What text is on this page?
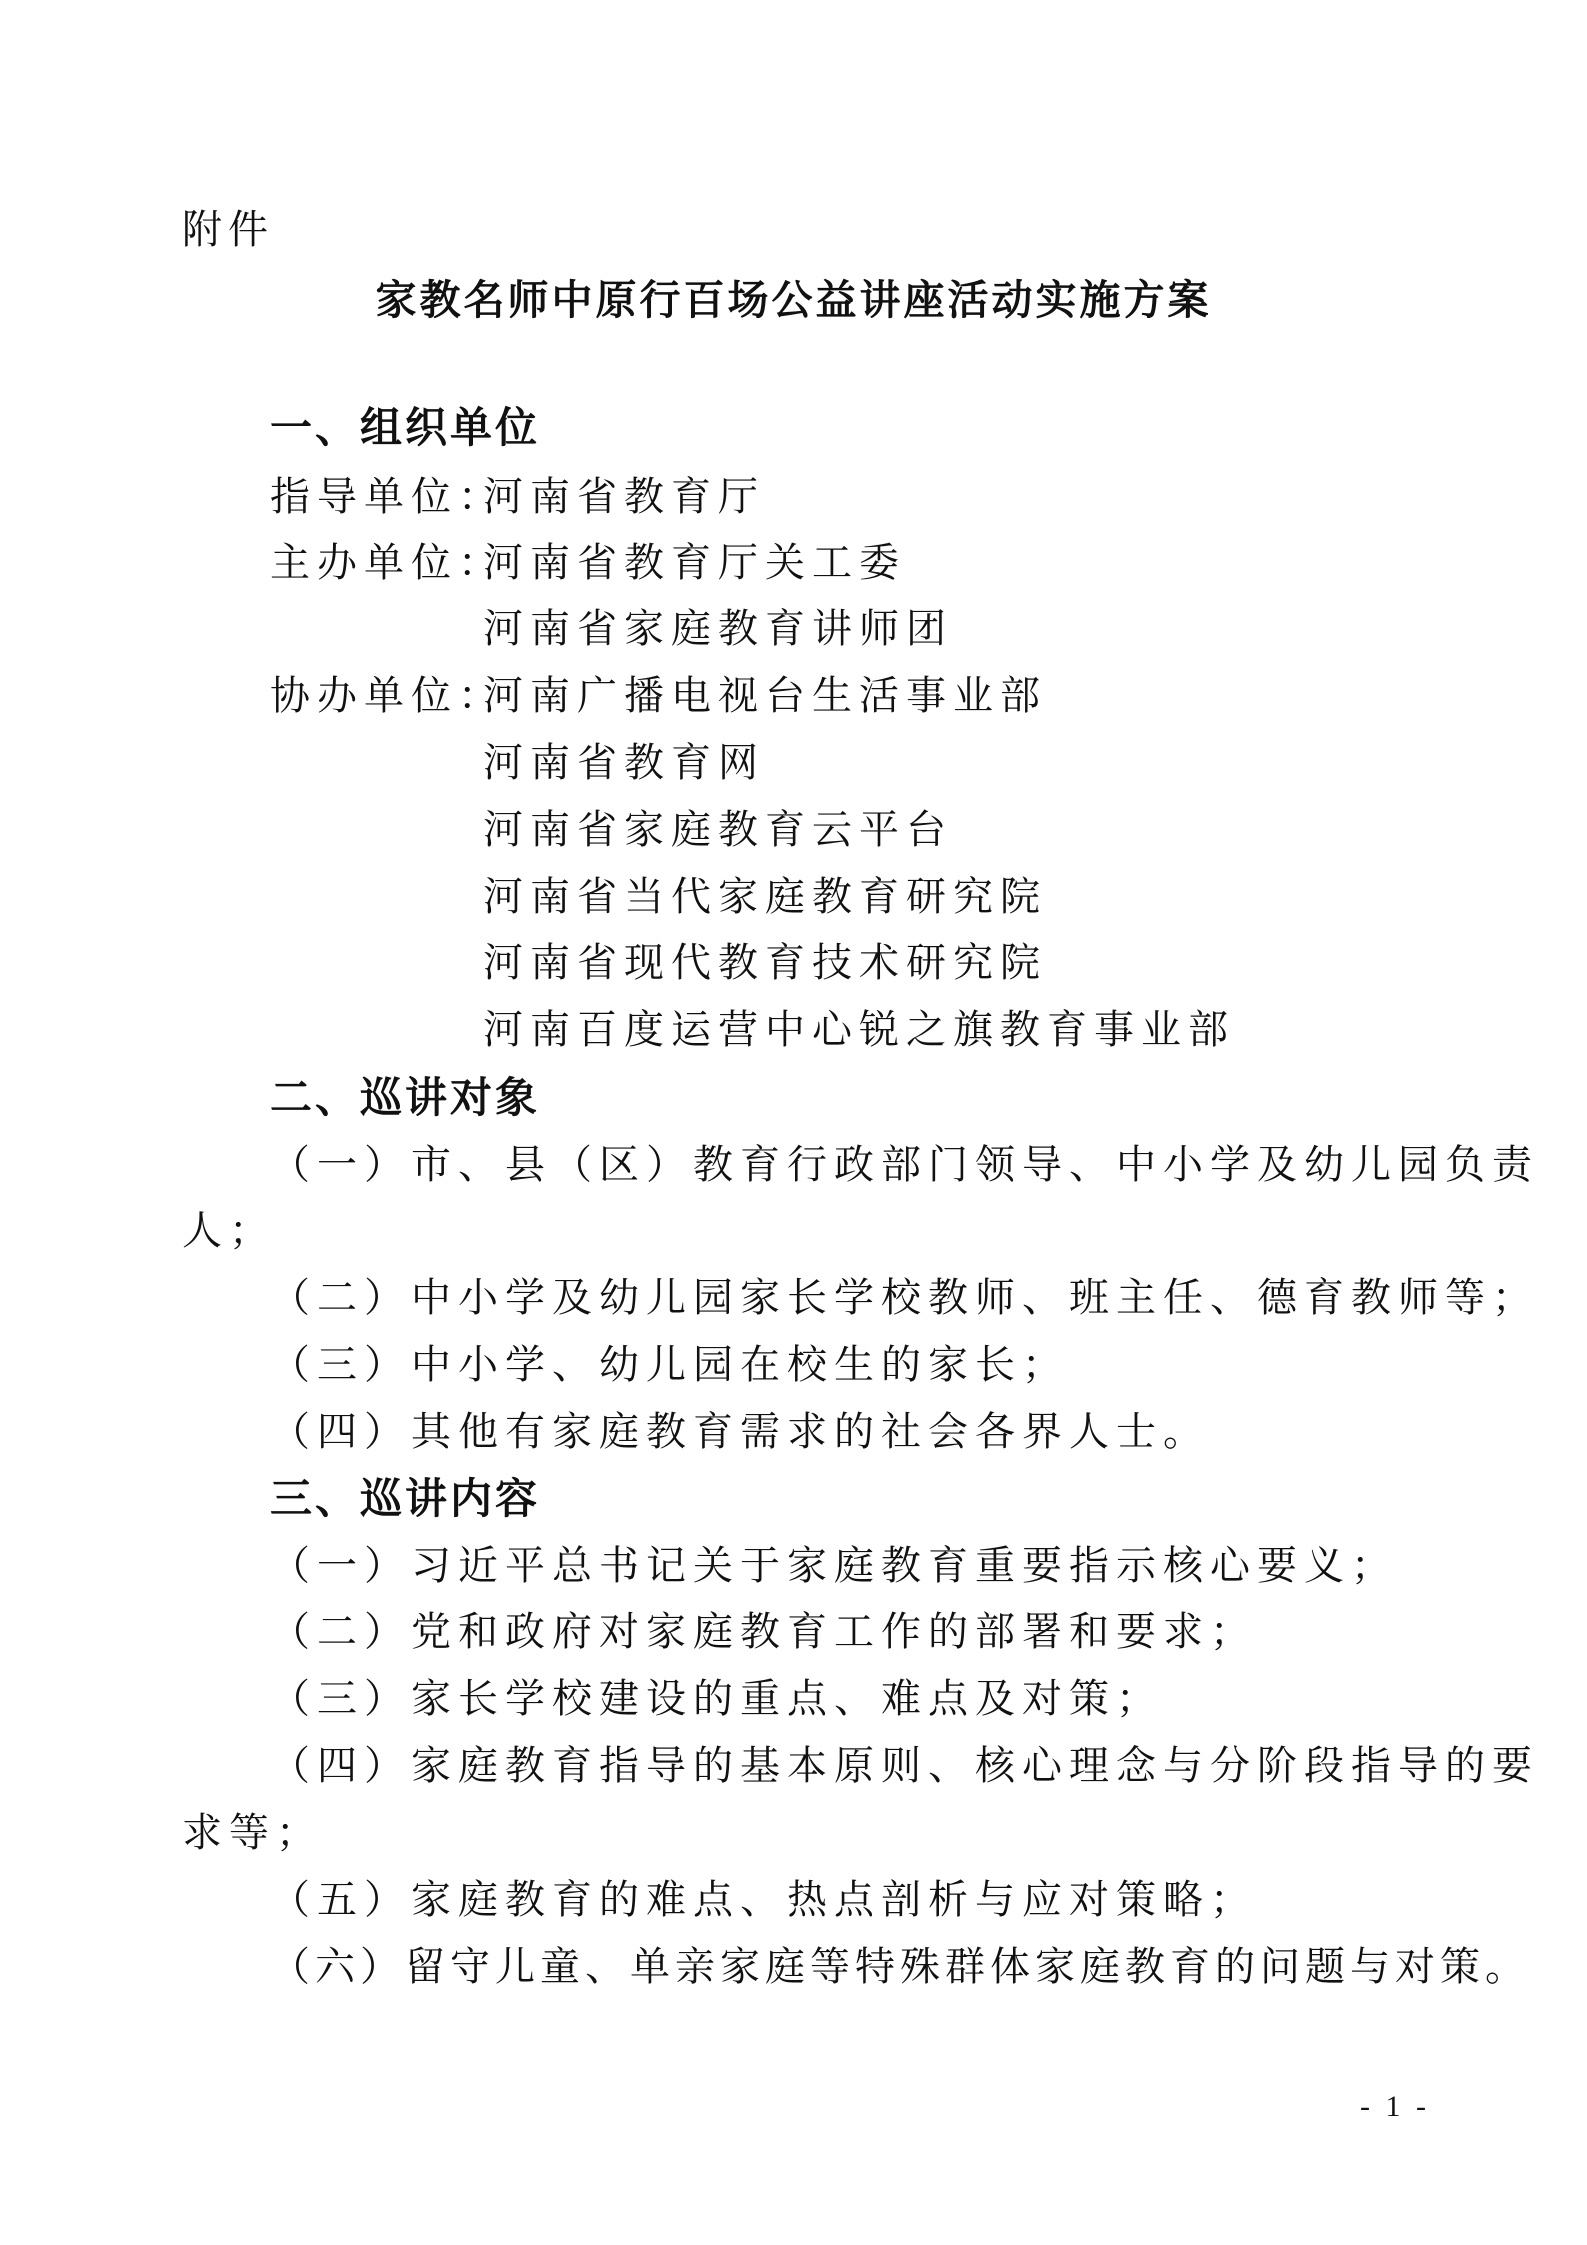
附件
家教名师中原行百场公益讲座活动实施方案
一、组织单位
指导单位：
河南省教育厅
主办单位：
河南省教育厅关工委
河南省家庭教育讲师团
协办单位：
河南广播电视台生活事业部
河南省教育网
河南省家庭教育云平台
河南省当代家庭教育研究院
河南省现代教育技术研究院
河南百度运营中心锐之旗教育事业部
二、巡讲对象
（一）市、县（区）教育行政部门领导、中小学及幼儿园负责
人；
（二）中小学及幼儿园家长学校教师、班主任、德育教师等；
（三）中小学、幼儿园在校生的家长；
（四）其他有家庭教育需求的社会各界人士。
三、巡讲内容
（一）习近平总书记关于家庭教育重要指示核心要义；
（二）党和政府对家庭教育工作的部署和要求；
（三）家长学校建设的重点、难点及对策；
（四）家庭教育指导的基本原则、核心理念与分阶段指导的要
求等；
（五）家庭教育的难点、热点剖析与应对策略；
（六）留守儿童、单亲家庭等特殊群体家庭教育的问题与对策。
- 1 -
